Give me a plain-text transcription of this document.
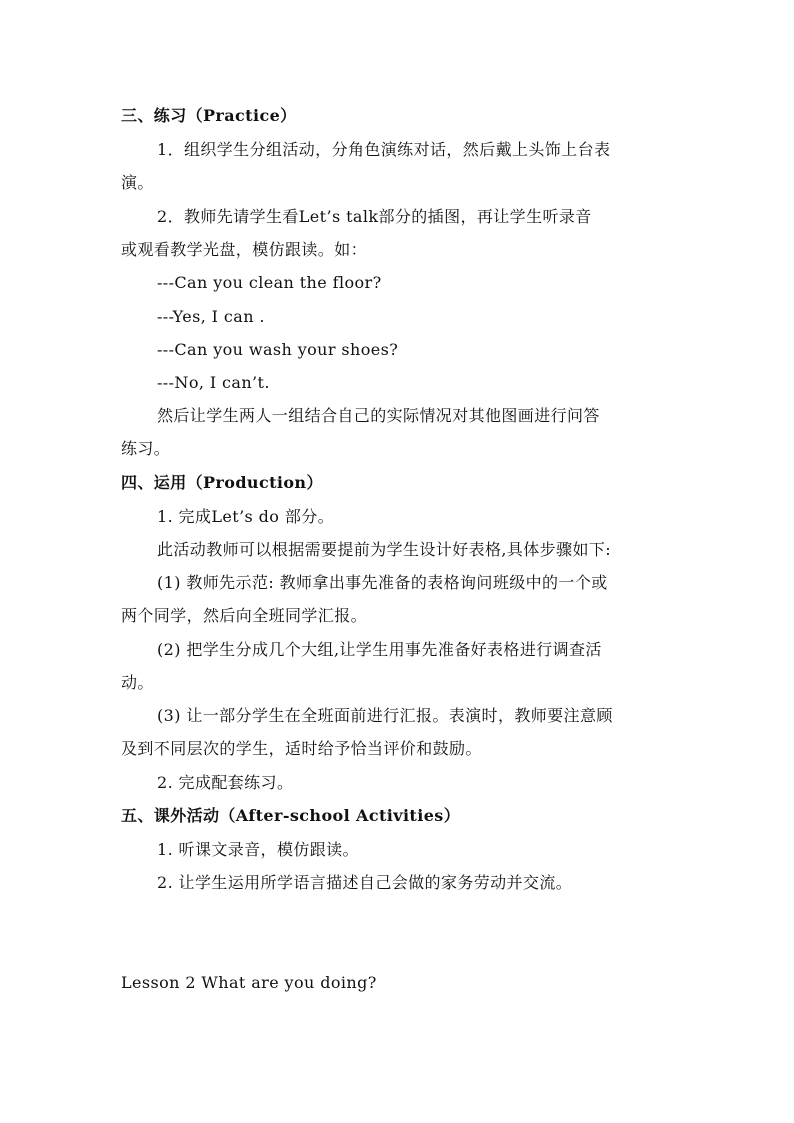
三、练习（Practice）
1．组织学生分组活动，分角色演练对话，然后戴上头饰上台表
演。
2．教师先请学生看Let’s talk部分的插图，再让学生听录音
或观看教学光盘，模仿跟读。如：
---Can you clean the floor?
---Yes, I can .
---Can you wash your shoes?
---No, I can’t.
然后让学生两人一组结合自己的实际情况对其他图画进行问答
练习。
四、运用（Production）
1. 完成Let’s do 部分。
此活动教师可以根据需要提前为学生设计好表格,具体步骤如下:
(1) 教师先示范: 教师拿出事先准备的表格询问班级中的一个或
两个同学，然后向全班同学汇报。
(2) 把学生分成几个大组,让学生用事先准备好表格进行调查活
动。
(3) 让一部分学生在全班面前进行汇报。表演时，教师要注意顾
及到不同层次的学生，适时给予恰当评价和鼓励。
2. 完成配套练习。
五、课外活动（After-school Activities）
1. 听课文录音，模仿跟读。
2. 让学生运用所学语言描述自己会做的家务劳动并交流。
Lesson 2 What are you doing?
